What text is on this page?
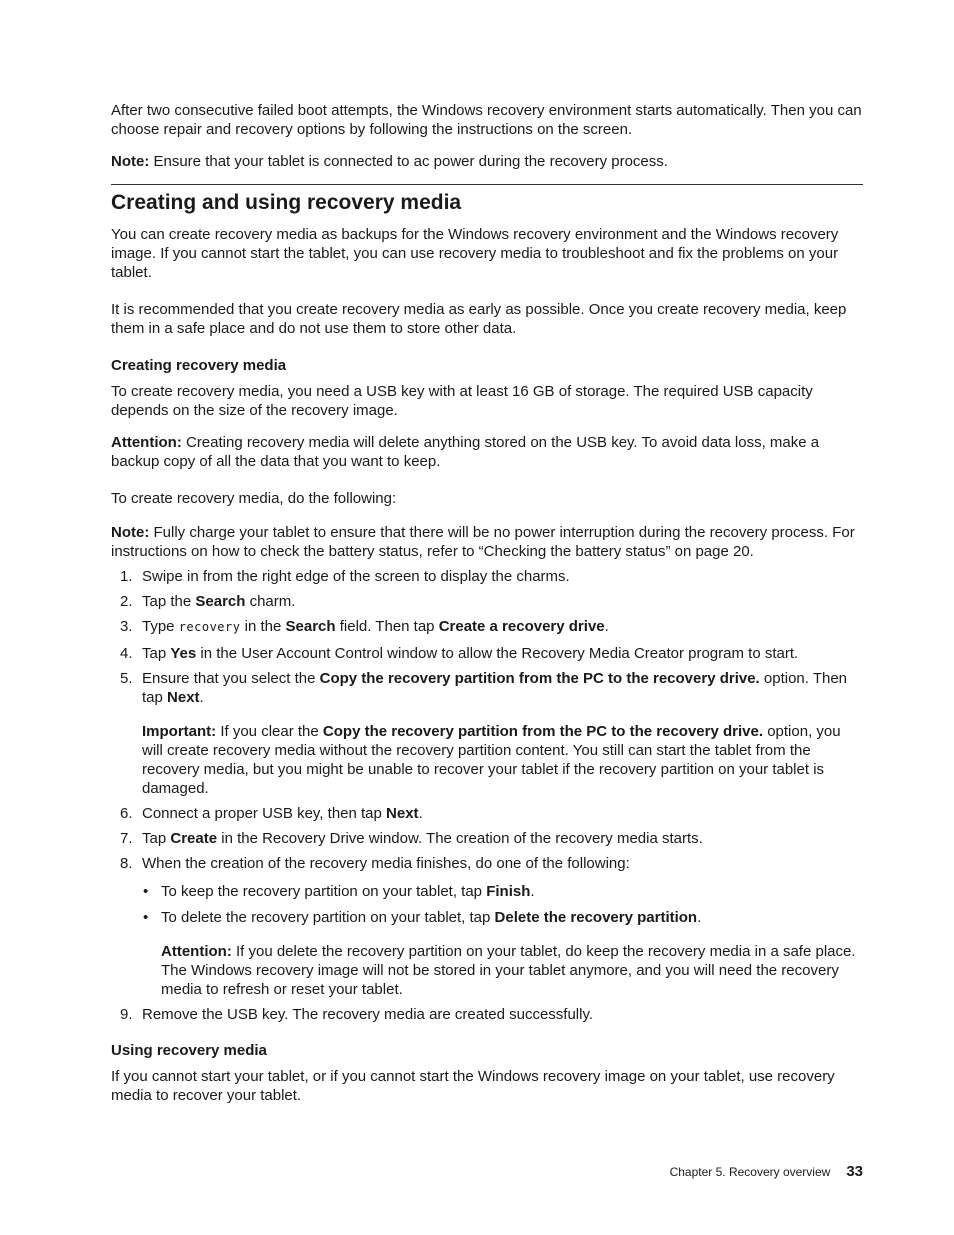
After two consecutive failed boot attempts, the Windows recovery environment starts automatically. Then you can choose repair and recovery options by following the instructions on the screen.

Note: Ensure that your tablet is connected to ac power during the recovery process.

Creating and using recovery media

You can create recovery media as backups for the Windows recovery environment and the Windows recovery image. If you cannot start the tablet, you can use recovery media to troubleshoot and fix the problems on your tablet.

It is recommended that you create recovery media as early as possible. Once you create recovery media, keep them in a safe place and do not use them to store other data.

Creating recovery media

To create recovery media, you need a USB key with at least 16 GB of storage. The required USB capacity depends on the size of the recovery image.

Attention: Creating recovery media will delete anything stored on the USB key. To avoid data loss, make a backup copy of all the data that you want to keep.

To create recovery media, do the following:

Note: Fully charge your tablet to ensure that there will be no power interruption during the recovery process. For instructions on how to check the battery status, refer to “Checking the battery status” on page 20.

1. Swipe in from the right edge of the screen to display the charms.
2. Tap the Search charm.
3. Type recovery in the Search field. Then tap Create a recovery drive.
4. Tap Yes in the User Account Control window to allow the Recovery Media Creator program to start.
5. Ensure that you select the Copy the recovery partition from the PC to the recovery drive. option. Then tap Next.

Important: If you clear the Copy the recovery partition from the PC to the recovery drive. option, you will create recovery media without the recovery partition content. You still can start the tablet from the recovery media, but you might be unable to recover your tablet if the recovery partition on your tablet is damaged.

6. Connect a proper USB key, then tap Next.
7. Tap Create in the Recovery Drive window. The creation of the recovery media starts.
8. When the creation of the recovery media finishes, do one of the following:

• To keep the recovery partition on your tablet, tap Finish.
• To delete the recovery partition on your tablet, tap Delete the recovery partition.

Attention: If you delete the recovery partition on your tablet, do keep the recovery media in a safe place. The Windows recovery image will not be stored in your tablet anymore, and you will need the recovery media to refresh or reset your tablet.

9. Remove the USB key. The recovery media are created successfully.
Using recovery media

If you cannot start your tablet, or if you cannot start the Windows recovery image on your tablet, use recovery media to recover your tablet.

Chapter 5. Recovery overview 33
